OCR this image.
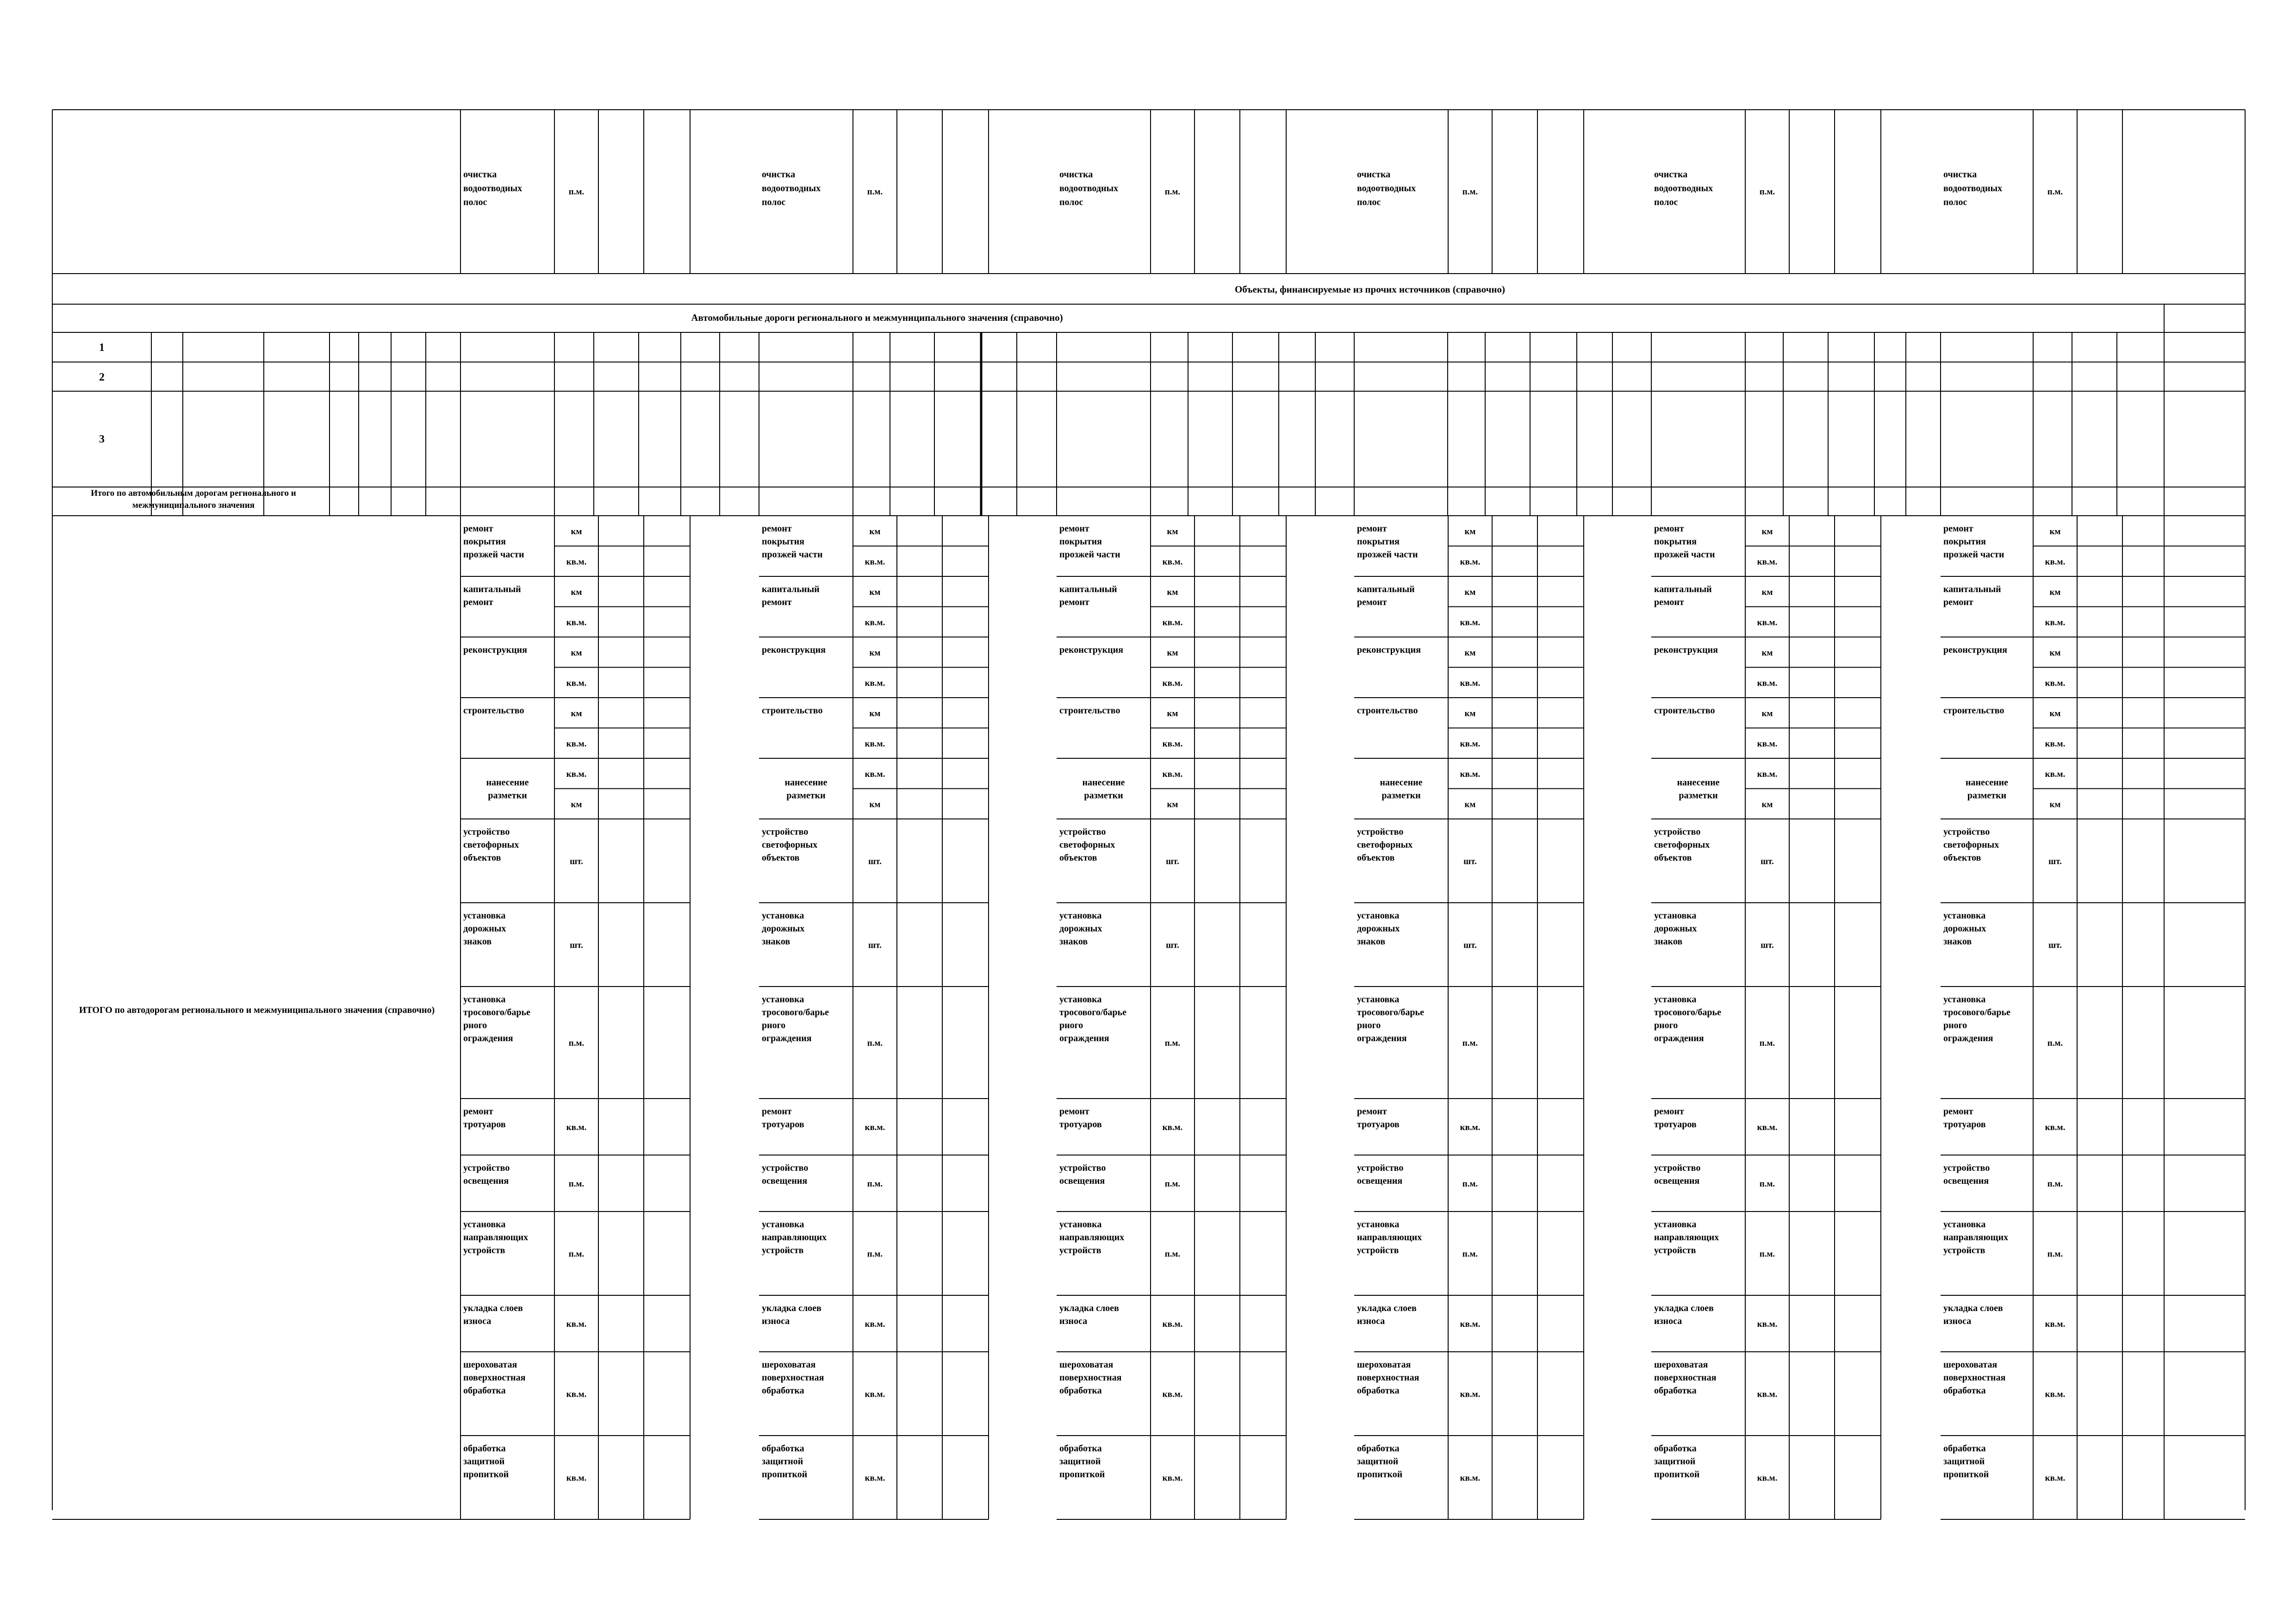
очистка водоотводных полос
п.м.
очистка водоотводных полос
п.м.
очистка водоотводных полос
п.м.
очистка водоотводных полос
п.м.
очистка водоотводных полос
п.м.
очистка водоотводных полос
п.м.
Объекты, финансируемые из прочих источников (справочно)
Автомобильные дороги регионального и межмуниципального значения (справочно)
1
2
3
Итого по автомобильным дорогам регионального и межмуниципального значения
ИТОГО по автодорогам регионального и межмуниципального значения (справочно)
км
кв.м.
ремонт покрытия прозжей части
км
кв.м.
капитальный ремонт
км
кв.м.
реконструкция
км
кв.м.
строительство
кв.м.
км
нанесение разметки
шт.
устройство светофорных объектов
шт.
установка дорожных знаков
п.м.
установка тросового/барье рного ограждения
кв.м.
ремонт тротуаров
п.м.
устройство освещения
п.м.
установка направляющих устройств
кв.м.
укладка слоев износа
кв.м.
шероховатая поверхностная обработка
кв.м.
обработка защитной пропиткой
км
кв.м.
ремонт покрытия прозжей части
км
кв.м.
капитальный ремонт
км
кв.м.
реконструкция
км
кв.м.
строительство
кв.м.
км
нанесение разметки
шт.
устройство светофорных объектов
шт.
установка дорожных знаков
п.м.
установка тросового/барье рного ограждения
кв.м.
ремонт тротуаров
п.м.
устройство освещения
п.м.
установка направляющих устройств
кв.м.
укладка слоев износа
кв.м.
шероховатая поверхностная обработка
кв.м.
обработка защитной пропиткой
км
кв.м.
ремонт покрытия прозжей части
км
кв.м.
капитальный ремонт
км
кв.м.
реконструкция
км
кв.м.
строительство
кв.м.
км
нанесение разметки
шт.
устройство светофорных объектов
шт.
установка дорожных знаков
п.м.
установка тросового/барье рного ограждения
кв.м.
ремонт тротуаров
п.м.
устройство освещения
п.м.
установка направляющих устройств
кв.м.
укладка слоев износа
кв.м.
шероховатая поверхностная обработка
кв.м.
обработка защитной пропиткой
км
кв.м.
ремонт покрытия прозжей части
км
кв.м.
капитальный ремонт
км
кв.м.
реконструкция
км
кв.м.
строительство
кв.м.
км
нанесение разметки
шт.
устройство светофорных объектов
шт.
установка дорожных знаков
п.м.
установка тросового/барье рного ограждения
кв.м.
ремонт тротуаров
п.м.
устройство освещения
п.м.
установка направляющих устройств
кв.м.
укладка слоев износа
кв.м.
шероховатая поверхностная обработка
кв.м.
обработка защитной пропиткой
км
кв.м.
ремонт покрытия прозжей части
км
кв.м.
капитальный ремонт
км
кв.м.
реконструкция
км
кв.м.
строительство
кв.м.
км
нанесение разметки
шт.
устройство светофорных объектов
шт.
установка дорожных знаков
п.м.
установка тросового/барье рного ограждения
кв.м.
ремонт тротуаров
п.м.
устройство освещения
п.м.
установка направляющих устройств
кв.м.
укладка слоев износа
кв.м.
шероховатая поверхностная обработка
кв.м.
обработка защитной пропиткой
км
кв.м.
ремонт покрытия прозжей части
км
кв.м.
капитальный ремонт
км
кв.м.
реконструкция
км
кв.м.
строительство
кв.м.
км
нанесение разметки
шт.
устройство светофорных объектов
шт.
установка дорожных знаков
п.м.
установка тросового/барье рного ограждения
кв.м.
ремонт тротуаров
п.м.
устройство освещения
п.м.
установка направляющих устройств
кв.м.
укладка слоев износа
кв.м.
шероховатая поверхностная обработка
кв.м.
обработка защитной пропиткой
